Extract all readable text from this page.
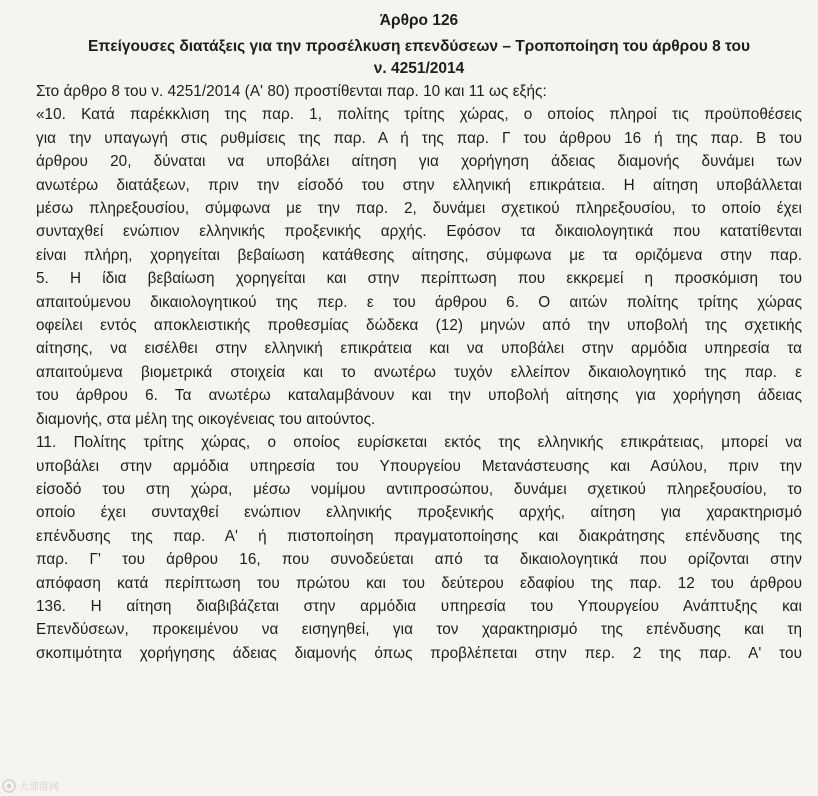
Άρθρο 126

Επείγουσες διατάξεις για την προσέλκυση επενδύσεων – Τροποποίηση του άρθρου 8 του

ν. 4251/2014

Στο άρθρο 8 του ν. 4251/2014 (Α' 80) προστίθενται παρ. 10 και 11 ως εξής:
«10. Κατά παρέκκλιση της παρ. 1, πολίτης τρίτης χώρας, ο οποίος πληροί τις προϋποθέσεις
για την υπαγωγή στις ρυθμίσεις της παρ. Α ή της παρ. Γ του άρθρου 16 ή της παρ. Β του
άρθρου 20, δύναται να υποβάλει αίτηση για χορήγηση άδειας διαμονής δυνάμει των
ανωτέρω διατάξεων, πριν την είσοδό του στην ελληνική επικράτεια. Η αίτηση υποβάλλεται
μέσω πληρεξουσίου, σύμφωνα με την παρ. 2, δυνάμει σχετικού πληρεξουσίου, το οποίο έχει
συνταχθεί ενώπιον ελληνικής προξενικής αρχής. Εφόσον τα δικαιολογητικά που κατατίθενται
είναι πλήρη, χορηγείται βεβαίωση κατάθεσης αίτησης, σύμφωνα με τα οριζόμενα στην παρ.
5. Η ίδια βεβαίωση χορηγείται και στην περίπτωση που εκκρεμεί η προσκόμιση του
απαιτούμενου δικαιολογητικού της περ. ε του άρθρου 6. Ο αιτών πολίτης τρίτης χώρας
οφείλει εντός αποκλειστικής προθεσμίας δώδεκα (12) μηνών από την υποβολή της σχετικής
αίτησης, να εισέλθει στην ελληνική επικράτεια και να υποβάλει στην αρμόδια υπηρεσία τα
απαιτούμενα βιομετρικά στοιχεία και το ανωτέρω τυχόν ελλείπον δικαιολογητικό της παρ. ε
του άρθρου 6. Τα ανωτέρω καταλαμβάνουν και την υποβολή αίτησης για χορήγηση άδειας
διαμονής, στα μέλη της οικογένειας του αιτούντος.
11. Πολίτης τρίτης χώρας, ο οποίος ευρίσκεται εκτός της ελληνικής επικράτειας, μπορεί να
υποβάλει στην αρμόδια υπηρεσία του Υπουργείου Μετανάστευσης και Ασύλου, πριν την
είσοδό του στη χώρα, μέσω νομίμου αντιπροσώπου, δυνάμει σχετικού πληρεξουσίου, το
οποίο έχει συνταχθεί ενώπιον ελληνικής προξενικής αρχής, αίτηση για χαρακτηρισμό
επένδυσης της παρ. Α' ή πιστοποίηση πραγματοποίησης και διακράτησης επένδυσης της
παρ. Γ' του άρθρου 16, που συνοδεύεται από τα δικαιολογητικά που ορίζονται στην
απόφαση κατά περίπτωση του πρώτου και του δεύτερου εδαφίου της παρ. 12 του άρθρου
136. Η αίτηση διαβιβάζεται στην αρμόδια υπηρεσία του Υπουργείου Ανάπτυξης και
Επενδύσεων, προκειμένου να εισηγηθεί, για τον χαρακτηρισμό της επένδυσης και τη
σκοπιμότητα χορήγησης άδειας διαμονής όπως προβλέπεται στην περ. 2 της παρ. Α' του
大部落网
